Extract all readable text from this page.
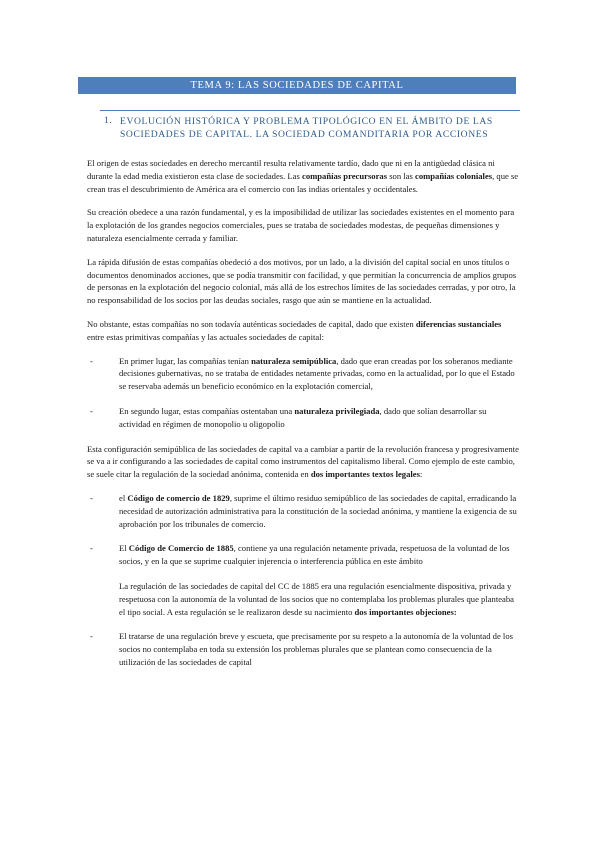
TEMA 9: LAS SOCIEDADES DE CAPITAL
1. EVOLUCIÓN HISTÓRICA Y PROBLEMA TIPOLÓGICO EN EL ÁMBITO DE LAS SOCIEDADES DE CAPITAL. LA SOCIEDAD COMANDITARIA POR ACCIONES

El origen de estas sociedades en derecho mercantil resulta relativamente tardío, dado que ni en la antigüedad clásica ni durante la edad media existieron esta clase de sociedades. Las compañías precursoras son las compañías coloniales, que se crean tras el descubrimiento de América ara el comercio con las indias orientales y occidentales.

Su creación obedece a una razón fundamental, y es la imposibilidad de utilizar las sociedades existentes en el momento para la explotación de los grandes negocios comerciales, pues se trataba de sociedades modestas, de pequeñas dimensiones y naturaleza esencialmente cerrada y familiar.

La rápida difusión de estas compañías obedeció a dos motivos, por un lado, a la división del capital social en unos títulos o documentos denominados acciones, que se podía transmitir con facilidad, y que permitían la concurrencia de amplios grupos de personas en la explotación del negocio colonial, más allá de los estrechos límites de las sociedades cerradas, y por otro, la no responsabilidad de los socios por las deudas sociales, rasgo que aún se mantiene en la actualidad.

No obstante, estas compañías no son todavía auténticas sociedades de capital, dado que existen diferencias sustanciales entre estas primitivas compañías y las actuales sociedades de capital:

-	En primer lugar, las compañías tenían naturaleza semipública, dado que eran creadas por los soberanos mediante decisiones gubernativas, no se trataba de entidades netamente privadas, como en la actualidad, por lo que el Estado se reservaba además un beneficio económico en la explotación comercial,
-	En segundo lugar, estas compañías ostentaban una naturaleza privilegiada, dado que solían desarrollar su actividad en régimen de monopolio u oligopolio

Esta configuración semipública de las sociedades de capital va a cambiar a partir de la revolución francesa y progresivamente se va a ir configurando a las sociedades de capital como instrumentos del capitalismo liberal. Como ejemplo de este cambio, se suele citar la regulación de la sociedad anónima, contenida en dos importantes textos legales:

-	el Código de comercio de 1829, suprime el último residuo semipúblico de las sociedades de capital, erradicando la necesidad de autorización administrativa para la constitución de la sociedad anónima, y mantiene la exigencia de su aprobación por los tribunales de comercio.
-	El Código de Comercio de 1885, contiene ya una regulación netamente privada, respetuosa de la voluntad de los socios, y en la que se suprime cualquier injerencia o interferencia pública en este ámbito
La regulación de las sociedades de capital del CC de 1885 era una regulación esencialmente dispositiva, privada y respetuosa con la autonomía de la voluntad de los socios que no contemplaba los problemas plurales que planteaba el tipo social. A esta regulación se le realizaron desde su nacimiento dos importantes objeciones:
-	El tratarse de una regulación breve y escueta, que precisamente por su respeto a la autonomía de la voluntad de los socios no contemplaba en toda su extensión los problemas plurales que se plantean como consecuencia de la utilización de las sociedades de capital
